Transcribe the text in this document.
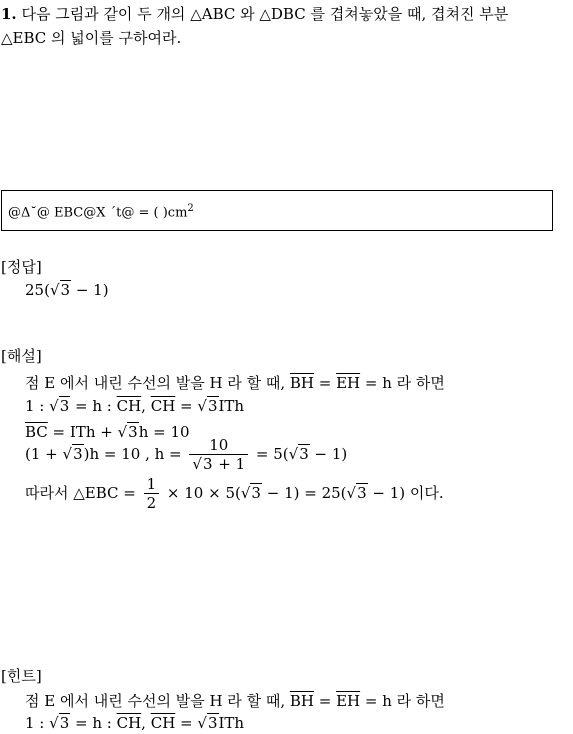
1. 다음 그림과 같이 두 개의 △ABC 와 △DBC 를 겹쳐놓았을 때, 겹쳐진 부분
△EBC 의 넓이를 구하여라.
@Δ˘@ EBC@X ´t@ = ( )$cm^2$
[정답]
25(√3 − 1)
[해설]
점 E 에서 내린 수선의 발을 H 라 할 때, $\overline{BH} = \overline{EH} = h$ 라 하면
1 : √3 = h : $\overline{CH}$, $\overline{CH} = √3ITh$
$\overline{BC}$ = ITh + √3h = 10
(1 + √3)h = 10 , $h = \frac{10}{√3 + 1} = 5(√3 - 1)$
따라서 △EBC = $\frac{1}{2} \times 10 \times 5(√3 - 1) = 25(√3 - 1)$ 이다.
[힌트]
점 E 에서 내린 수선의 발을 H 라 할 때, $\overline{BH} = \overline{EH} = h$ 라 하면
1 : √3 = h : $\overline{CH}$, $\overline{CH} = √3ITh$
